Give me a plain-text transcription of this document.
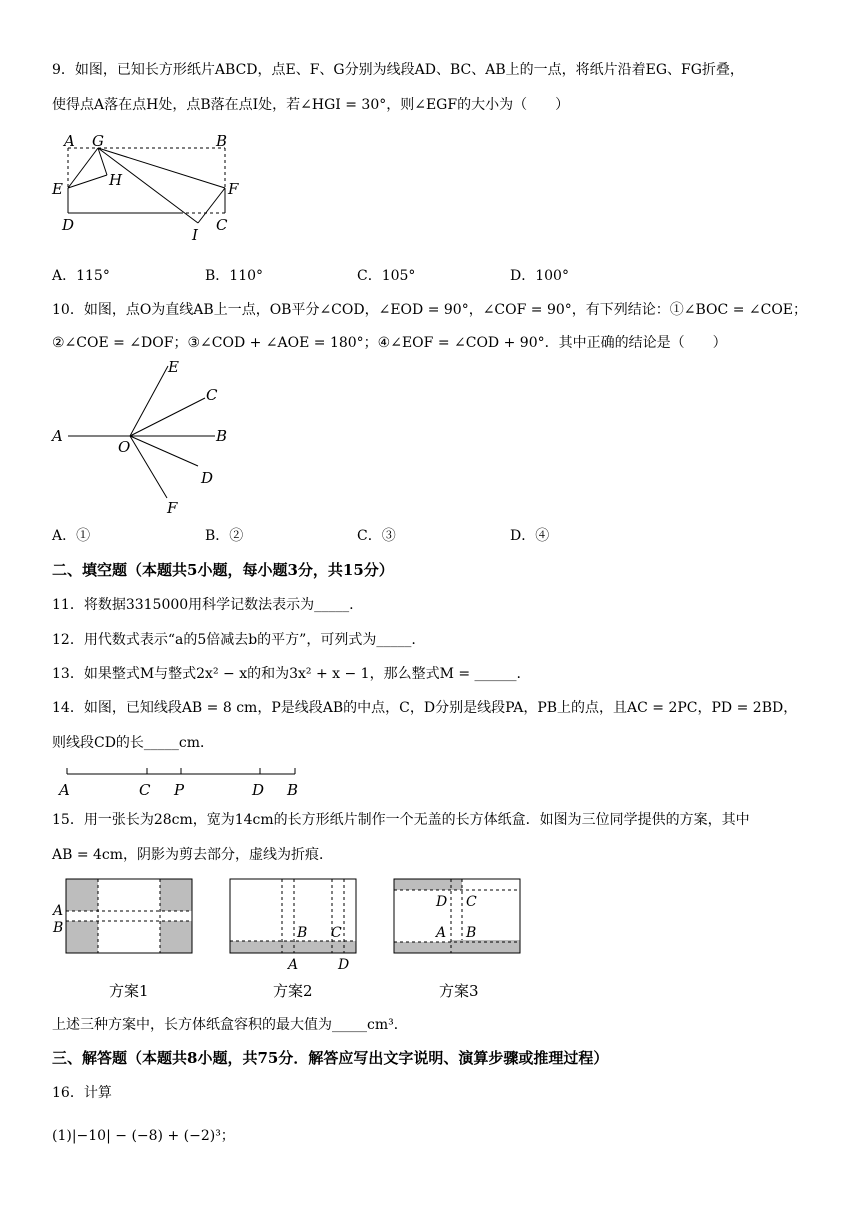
9．如图，已知长方形纸片ABCD，点E、F、G分别为线段AD、BC、AB上的一点，将纸片沿着EG、FG折叠，
使得点A落在点H处，点B落在点I处，若∠HGI = 30°，则∠EGF的大小为（　　）
A G	B
H
E	F
D
I
C
A．115°	B．110°	C．105°	D．100°
10．如图，点O为直线AB上一点，OB平分∠COD，∠EOD = 90°，∠COF = 90°，有下列结论：①∠BOC = ∠COE；
②∠COE = ∠DOF；③∠COD + ∠AOE = 180°；④∠EOF = ∠COD + 90°．其中正确的结论是（　　）
E
C
A
O
B
D
F
A．①	B．②	C．③	D．④
二、填空题（本题共5小题，每小题3分，共15分）
11．将数据3315000用科学记数法表示为_____.
12．用代数式表示“a的5倍减去b的平方”，可列式为_____.
13．如果整式M与整式2x² − x的和为3x² + x − 1，那么整式M = ______.
14．如图，已知线段AB = 8 cm，P是线段AB的中点，C，D分别是线段PA，PB上的点，且AC = 2PC，PD = 2BD，
则线段CD的长_____cm．
A	C P	D B
15．用一张长为28cm，宽为14cm的长方形纸片制作一个无盖的长方体纸盒．如图为三位同学提供的方案，其中
AB = 4cm，阴影为剪去部分，虚线为折痕．
A
B
方案1
B C
A	D
方案2
D C
A B
方案3
上述三种方案中，长方体纸盒容积的最大值为_____cm³．
三、解答题（本题共8小题，共75分．解答应写出文字说明、演算步骤或推理过程）
16．计算
(1)|−10| − (−8) + (−2)³；
